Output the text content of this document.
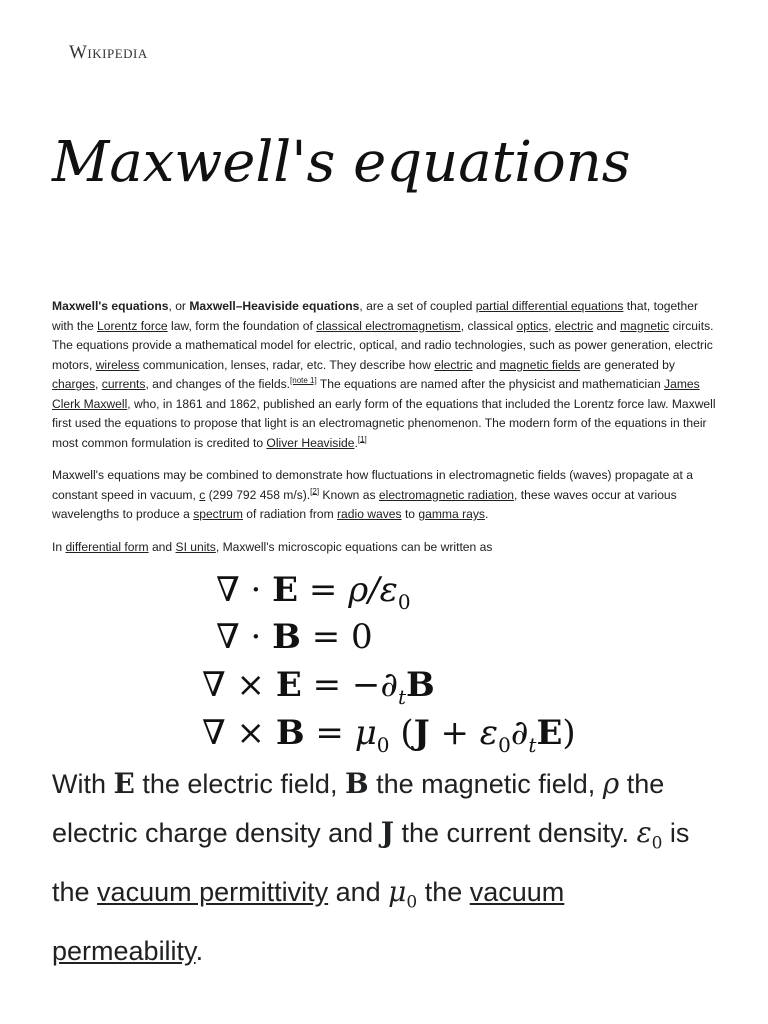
Wikipedia
Maxwell's equations

Maxwell's equations, or Maxwell–Heaviside equations, are a set of coupled partial differential equations that, together with the Lorentz force law, form the foundation of classical electromagnetism, classical optics, electric and magnetic circuits. The equations provide a mathematical model for electric, optical, and radio technologies, such as power generation, electric motors, wireless communication, lenses, radar, etc. They describe how electric and magnetic fields are generated by charges, currents, and changes of the fields.[note 1] The equations are named after the physicist and mathematician James Clerk Maxwell, who, in 1861 and 1862, published an early form of the equations that included the Lorentz force law. Maxwell first used the equations to propose that light is an electromagnetic phenomenon. The modern form of the equations in their most common formulation is credited to Oliver Heaviside.[1]

Maxwell's equations may be combined to demonstrate how fluctuations in electromagnetic fields (waves) propagate at a constant speed in vacuum, c (299 792 458 m/s).[2] Known as electromagnetic radiation, these waves occur at various wavelengths to produce a spectrum of radiation from radio waves to gamma rays.

In differential form and SI units, Maxwell's microscopic equations can be written as

∇ · $E = \rho/\varepsilon_0$
∇ · B = 0
∇ × $E = -\partial_tB$
∇ × $B = \mu_0$ $(J + \varepsilon_0\partial_tE)$

With E the electric field, B the magnetic field, ρ the electric charge density and J the current density. $\varepsilon_0$ is the vacuum permittivity and $\mu_0$ the vacuum permeability.
